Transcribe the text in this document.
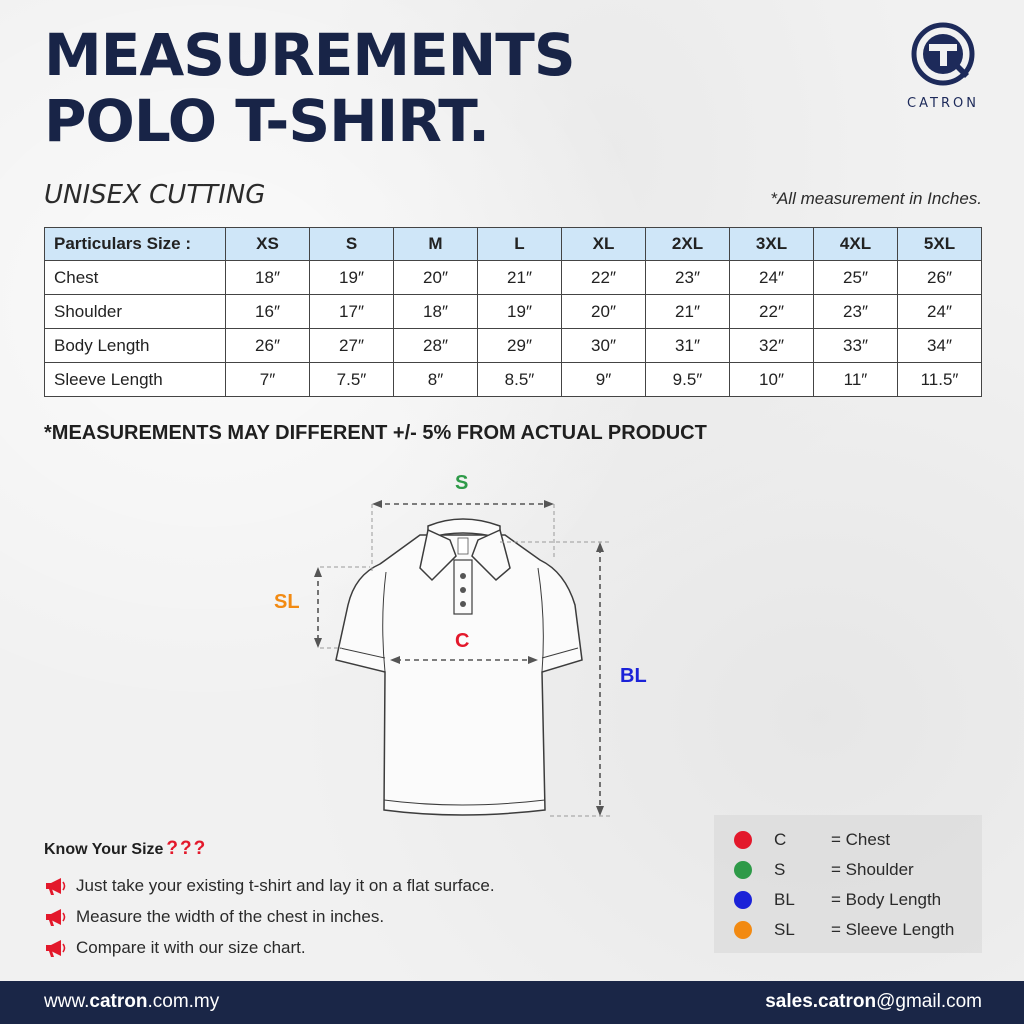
MEASUREMENTS
POLO T-SHIRT.	CATRON
UNISEX CUTTING	*All measurement in Inches.
Particulars Size :	XS	S	M	L	XL	2XL	3XL	4XL	5XL
Chest	18″	19″	20″	21″	22″	23″	24″	25″	26″
Shoulder	16″	17″	18″	19″	20″	21″	22″	23″	24″
Body Length	26″	27″	28″	29″	30″	31″	32″	33″	34″
Sleeve Length	7″	7.5″	8″	8.5″	9″	9.5″	10″	11″	11.5″
*MEASUREMENTS MAY DIFFERENT +/- 5% FROM ACTUAL PRODUCT
S
SL
C
BL
Know Your Size ???
Just take your existing t-shirt and lay it on a flat surface.
Measure the width of the chest in inches.
Compare it with our size chart.
C	= Chest
S	= Shoulder
BL = Body Length
SL = Sleeve Length
www.catron.com.my	sales.catron@gmail.com
